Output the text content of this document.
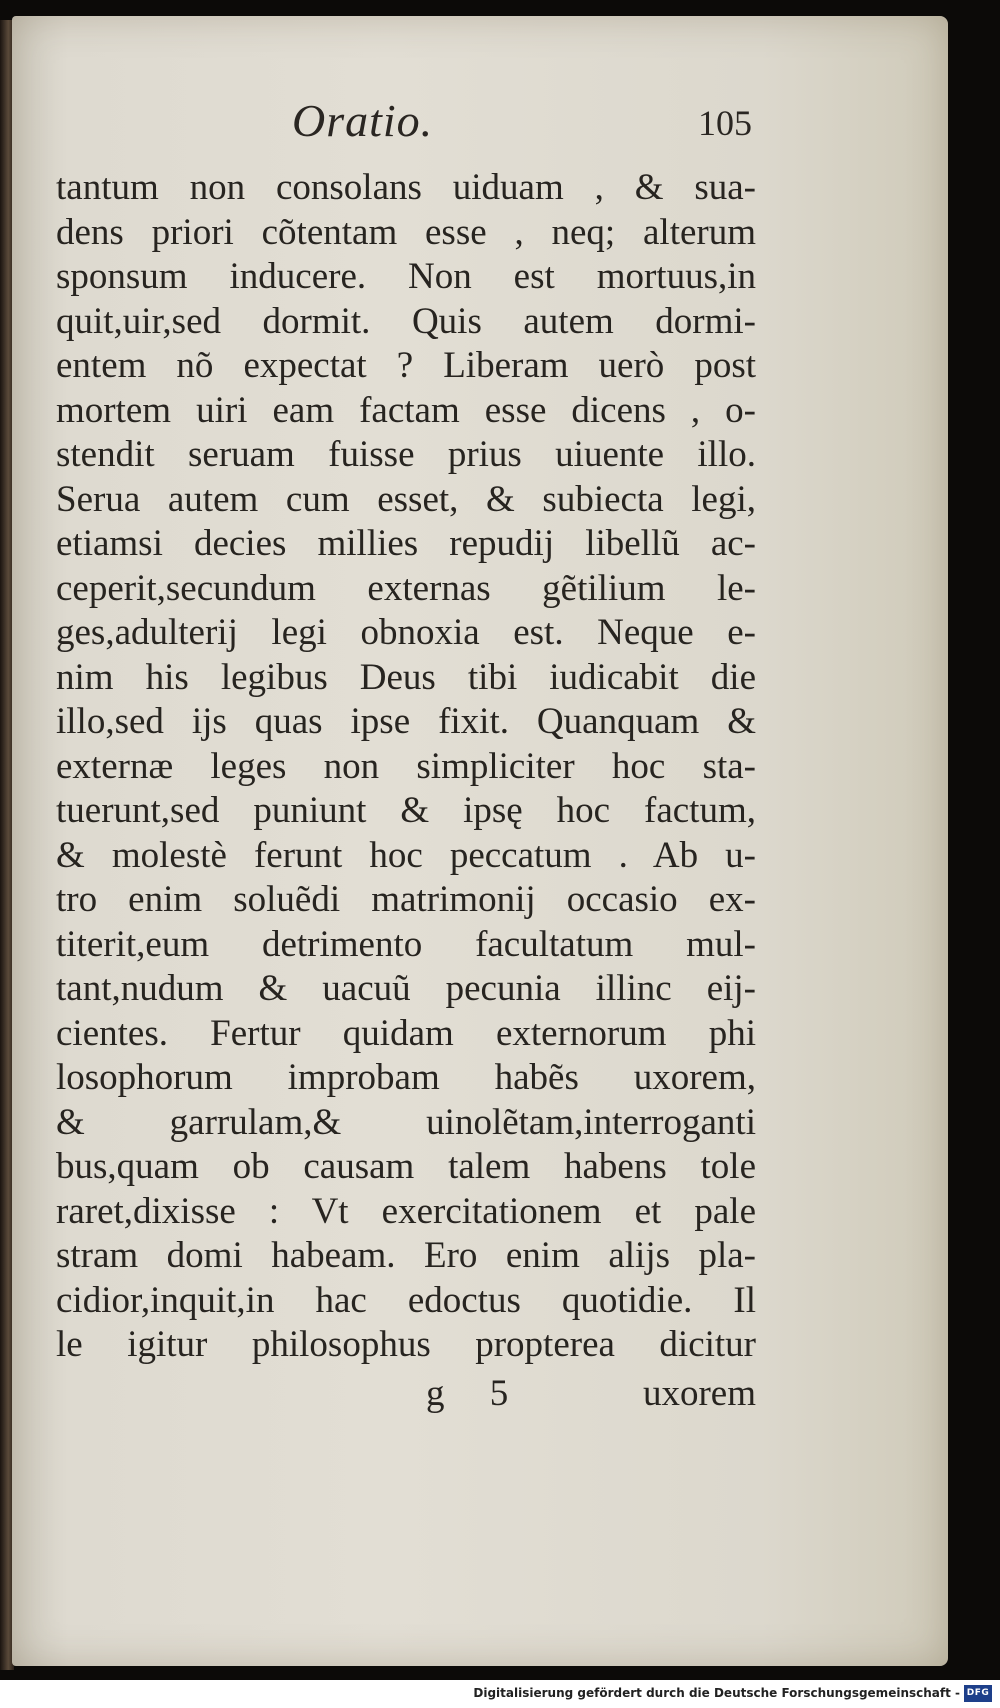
Oratio.	105
tantum non consolans uiduam , & sua-
dens priori cõtentam esse , neq; alterum
sponsum inducere. Non est mortuus,in
quit,uir,sed dormit. Quis autem dormi-
entem nõ expectat ? Liberam uerò post
mortem uiri eam factam esse dicens , o-
stendit seruam fuisse prius uiuente illo.
Serua autem cum esset, & subiecta legi,
etiamsi decies millies repudij libellũ ac-
ceperit,secundum externas gẽtilium le-
ges,adulterij legi obnoxia est. Neque e-
nim his legibus Deus tibi iudicabit die
illo,sed ijs quas ipse fixit. Quanquam &
externæ leges non simpliciter hoc sta-
tuerunt,sed puniunt & ipsę hoc factum,
& molestè ferunt hoc peccatum . Ab u-
tro enim soluẽdi matrimonij occasio ex-
titerit,eum detrimento facultatum mul-
tant,nudum & uacuũ pecunia illinc eij-
cientes. Fertur quidam externorum phi
losophorum improbam habẽs uxorem,
& garrulam,& uinolẽtam,interroganti
bus,quam ob causam talem habens tole
raret,dixisse : Vt exercitationem et pale
stram domi habeam. Ero enim alijs pla-
cidior,inquit,in hac edoctus quotidie. Il
le igitur philosophus propterea dicitur
g 5	uxorem
Digitalisierung gefördert durch die Deutsche Forschungsgemeinschaft - DFG
